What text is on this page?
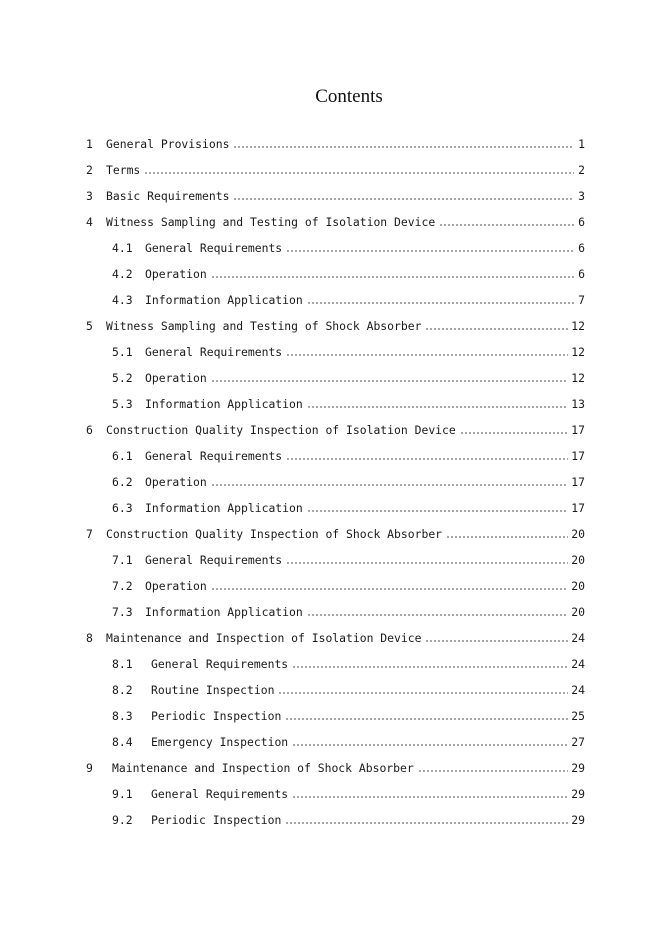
Contents
1	General Provisions	1
2	Terms	2
3	Basic Requirements	3
4	Witness Sampling and Testing of Isolation Device	6
4.1	General Requirements	6
4.2	Operation	6
4.3	Information Application	7
5	Witness Sampling and Testing of Shock Absorber	12
5.1	General Requirements	12
5.2	Operation	12
5.3	Information Application	13
6	Construction Quality Inspection of Isolation Device	17
6.1	General Requirements	17
6.2	Operation	17
6.3	Information Application	17
7	Construction Quality Inspection of Shock Absorber	20
7.1	General Requirements	20
7.2	Operation	20
7.3	Information Application	20
8	Maintenance and Inspection of Isolation Device	24
8.1	General Requirements	24
8.2	Routine Inspection	24
8.3	Periodic Inspection	25
8.4	Emergency Inspection	27
9	Maintenance and Inspection of Shock Absorber	29
9.1	General Requirements	29
9.2	Periodic Inspection	29
